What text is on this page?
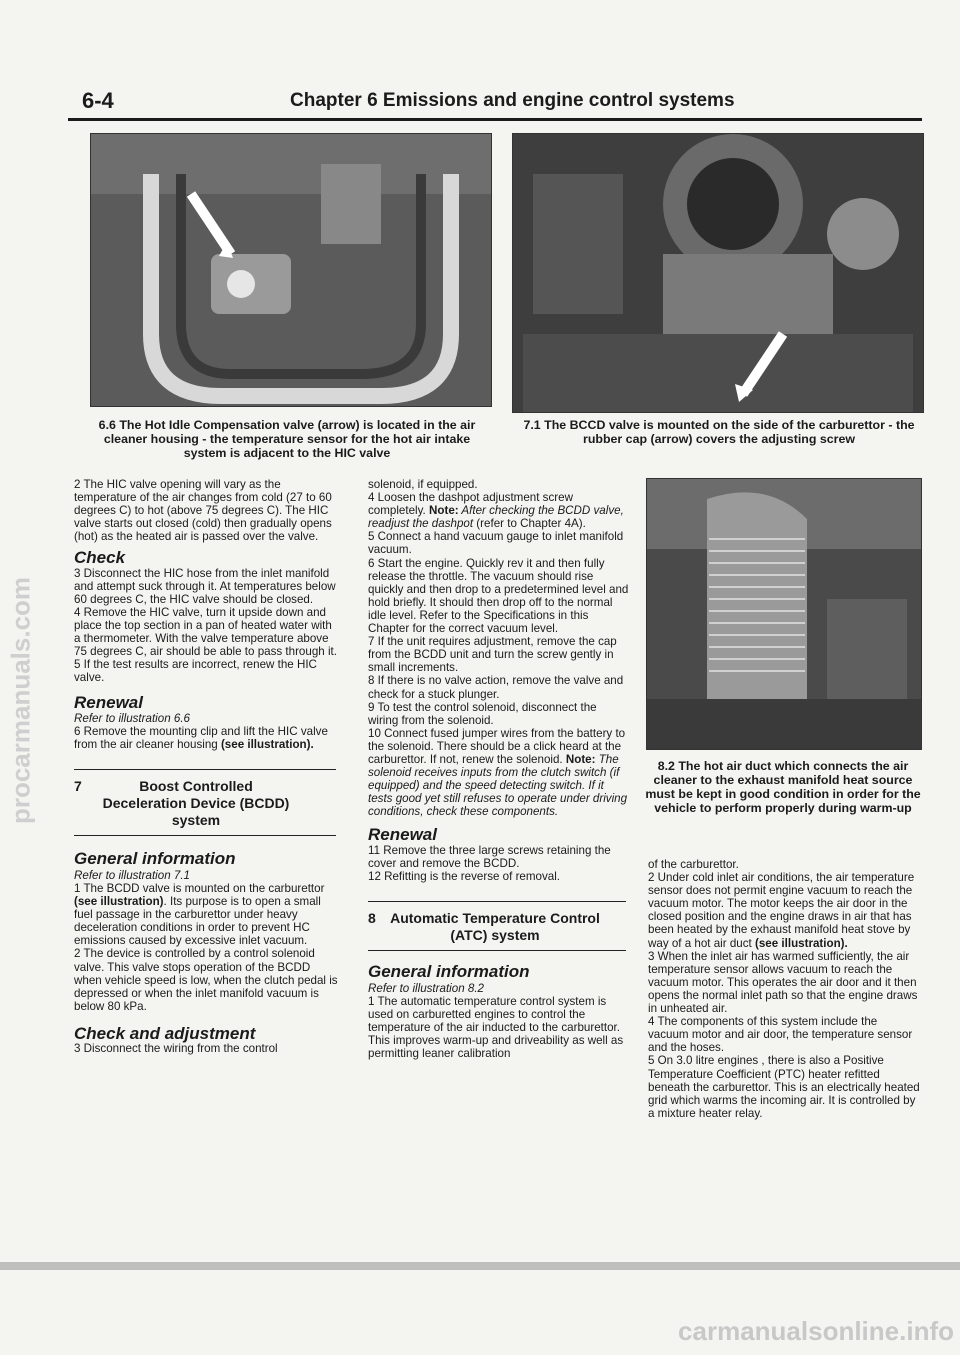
6-4	Chapter 6 Emissions and engine control systems
6.6 The Hot Idle Compensation valve (arrow) is located in the air cleaner housing - the temperature sensor for the hot air intake system is adjacent to the HIC valve
7.1 The BCCD valve is mounted on the side of the carburettor - the rubber cap (arrow) covers the adjusting screw

2 The HIC valve opening will vary as the temperature of the air changes from cold (27 to 60 degrees C) to hot (above 75 degrees C). The HIC valve starts out closed (cold) then gradually opens (hot) as the heated air is passed over the valve.

Check

3 Disconnect the HIC hose from the inlet manifold and attempt suck through it. At temperatures below 60 degrees C, the HIC valve should be closed.

4 Remove the HIC valve, turn it upside down and place the top section in a pan of heated water with a thermometer. With the valve temperature above 75 degrees C, air should be able to pass through it.

5 If the test results are incorrect, renew the HIC valve.

Renewal

Refer to illustration 6.6

6 Remove the mounting clip and lift the HIC valve from the air cleaner housing (see illustration).

7	Boost Controlled Deceleration Device (BCDD) system
General information

Refer to illustration 7.1

1 The BCDD valve is mounted on the carburettor (see illustration). Its purpose is to open a small fuel passage in the carburettor under heavy deceleration conditions in order to prevent HC emissions caused by excessive inlet vacuum.

2 The device is controlled by a control solenoid valve. This valve stops operation of the BCDD when vehicle speed is low, when the clutch pedal is depressed or when the inlet manifold vacuum is below 80 kPa.

Check and adjustment

3 Disconnect the wiring from the control

solenoid, if equipped.

4 Loosen the dashpot adjustment screw completely. Note: After checking the BCDD valve, readjust the dashpot (refer to Chapter 4A).

5 Connect a hand vacuum gauge to inlet manifold vacuum.

6 Start the engine. Quickly rev it and then fully release the throttle. The vacuum should rise quickly and then drop to a predetermined level and hold briefly. It should then drop off to the normal idle level. Refer to the Specifications in this Chapter for the correct vacuum level.

7 If the unit requires adjustment, remove the cap from the BCDD unit and turn the screw gently in small increments.

8 If there is no valve action, remove the valve and check for a stuck plunger.

9 To test the control solenoid, disconnect the wiring from the solenoid.

10 Connect fused jumper wires from the battery to the solenoid. There should be a click heard at the carburettor. If not, renew the solenoid. Note: The solenoid receives inputs from the clutch switch (if equipped) and the speed detecting switch. If it tests good yet still refuses to operate under driving conditions, check these components.

Renewal

11 Remove the three large screws retaining the cover and remove the BCDD.

12 Refitting is the reverse of removal.

8	Automatic Temperature Control (ATC) system
General information

Refer to illustration 8.2

1 The automatic temperature control system is used on carburetted engines to control the temperature of the air inducted to the carburettor. This improves warm-up and driveability as well as permitting leaner calibration

8.2 The hot air duct which connects the air cleaner to the exhaust manifold heat source must be kept in good condition in order for the vehicle to perform properly during warm-up

of the carburettor.

2 Under cold inlet air conditions, the air temperature sensor does not permit engine vacuum to reach the vacuum motor. The motor keeps the air door in the closed position and the engine draws in air that has been heated by the exhaust manifold heat stove by way of a hot air duct (see illustration).

3 When the inlet air has warmed sufficiently, the air temperature sensor allows vacuum to reach the vacuum motor. This operates the air door and it then opens the normal inlet path so that the engine draws in unheated air.

4 The components of this system include the vacuum motor and air door, the temperature sensor and the hoses.

5 On 3.0 litre engines , there is also a Positive Temperature Coefficient (PTC) heater refitted beneath the carburettor. This is an electrically heated grid which warms the incoming air. It is controlled by a mixture heater relay.

procarmanuals.com
carmanualsonline.info
